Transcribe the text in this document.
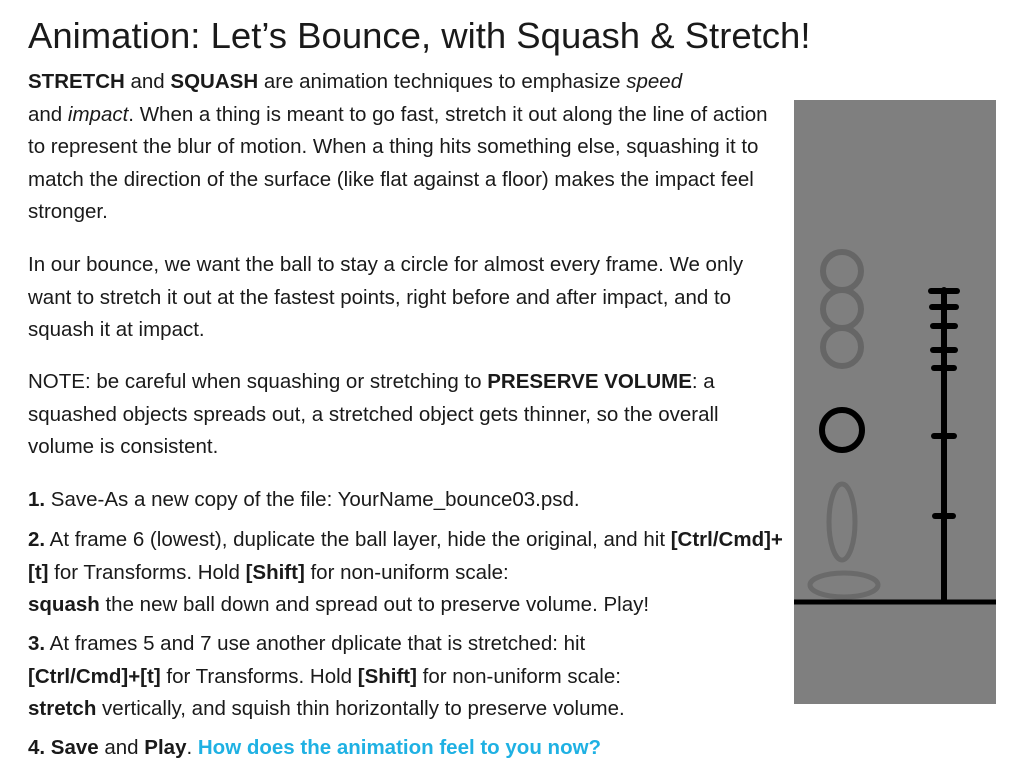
Animation: Let’s Bounce, with Squash & Stretch!
STRETCH and SQUASH are animation techniques to emphasize speed
and impact. When a thing is meant to go fast, stretch it out along the line of action to represent the blur of motion. When a thing hits something else, squashing it to match the direction of the surface (like flat against a floor) makes the impact feel stronger.
In our bounce, we want the ball to stay a circle for almost every frame. We only want to stretch it out at the fastest points, right before and after impact, and to squash it at impact.
NOTE: be careful when squashing or stretching to PRESERVE VOLUME: a squashed objects spreads out, a stretched object gets thinner, so the overall volume is consistent.
1. Save-As a new copy of the file: YourName_bounce03.psd.
2. At frame 6 (lowest), duplicate the ball layer, hide the original, and hit [Ctrl/Cmd]+[t] for Transforms. Hold [Shift] for non-uniform scale:
squash the new ball down and spread out to preserve volume. Play!
3. At frames 5 and 7 use another dplicate that is stretched: hit
[Ctrl/Cmd]+[t] for Transforms. Hold [Shift] for non-uniform scale:
stretch vertically, and squish thin horizontally to preserve volume.
4. Save and Play. How does the animation feel to you now?
